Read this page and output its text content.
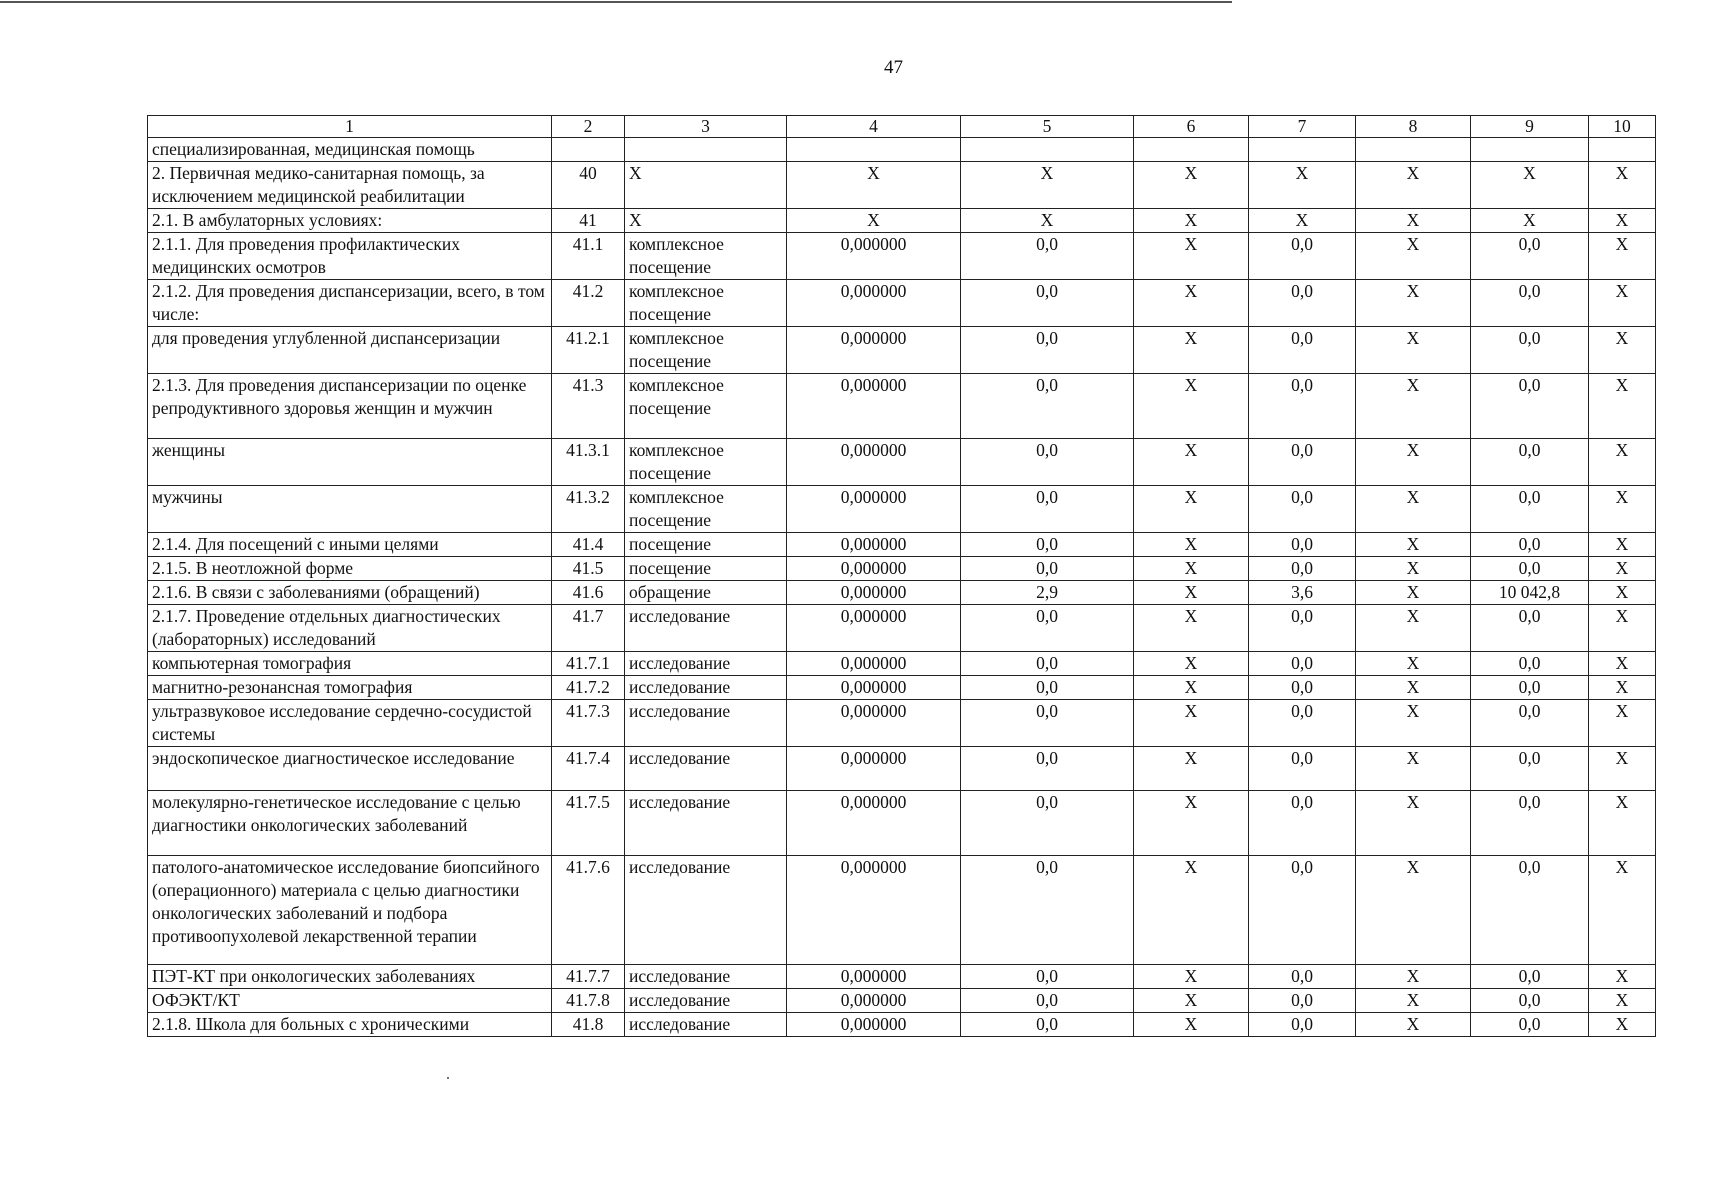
47
1	2	3	4	5	6	7	8	9	10
специализированная, медицинская помощь									
2. Первичная медико-санитарная помощь, за исключением медицинской реабилитации	40	Х	Х	Х	Х	Х	Х	Х	Х
2.1. В амбулаторных условиях:	41	Х	Х	Х	Х	Х	Х	Х	Х
2.1.1. Для проведения профилактических медицинских осмотров	41.1	комплексное посещение	0,000000	0,0	Х	0,0	Х	0,0	Х
2.1.2. Для проведения диспансеризации, всего, в том числе:	41.2	комплексное посещение	0,000000	0,0	Х	0,0	Х	0,0	Х
для проведения углубленной диспансеризации	41.2.1	комплексное посещение	0,000000	0,0	Х	0,0	Х	0,0	Х
2.1.3. Для проведения диспансеризации по оценке репродуктивного здоровья женщин и мужчин	41.3	комплексное посещение	0,000000	0,0	Х	0,0	Х	0,0	Х
женщины	41.3.1	комплексное посещение	0,000000	0,0	Х	0,0	Х	0,0	Х
мужчины	41.3.2	комплексное посещение	0,000000	0,0	Х	0,0	Х	0,0	Х
2.1.4. Для посещений с иными целями	41.4	посещение	0,000000	0,0	Х	0,0	Х	0,0	Х
2.1.5. В неотложной форме	41.5	посещение	0,000000	0,0	Х	0,0	Х	0,0	Х
2.1.6. В связи с заболеваниями (обращений)	41.6	обращение	0,000000	2,9	Х	3,6	Х	10 042,8	Х
2.1.7. Проведение отдельных диагностических (лабораторных) исследований	41.7	исследование	0,000000	0,0	Х	0,0	Х	0,0	Х
компьютерная томография	41.7.1	исследование	0,000000	0,0	Х	0,0	Х	0,0	Х
магнитно-резонансная томография	41.7.2	исследование	0,000000	0,0	Х	0,0	Х	0,0	Х
ультразвуковое исследование сердечно-сосудистой системы	41.7.3	исследование	0,000000	0,0	Х	0,0	Х	0,0	Х
эндоскопическое диагностическое исследование	41.7.4	исследование	0,000000	0,0	Х	0,0	Х	0,0	Х
молекулярно-генетическое исследование с целью диагностики онкологических заболеваний	41.7.5	исследование	0,000000	0,0	Х	0,0	Х	0,0	Х
патолого-анатомическое исследование биопсийного (операционного) материала с целью диагностики онкологических заболеваний и подбора противоопухолевой лекарственной терапии	41.7.6	исследование	0,000000	0,0	Х	0,0	Х	0,0	Х
ПЭТ-КТ при онкологических заболеваниях	41.7.7	исследование	0,000000	0,0	Х	0,0	Х	0,0	Х
ОФЭКТ/КТ	41.7.8	исследование	0,000000	0,0	Х	0,0	Х	0,0	Х
2.1.8. Школа для больных с хроническими	41.8	исследование	0,000000	0,0	Х	0,0	Х	0,0	Х
